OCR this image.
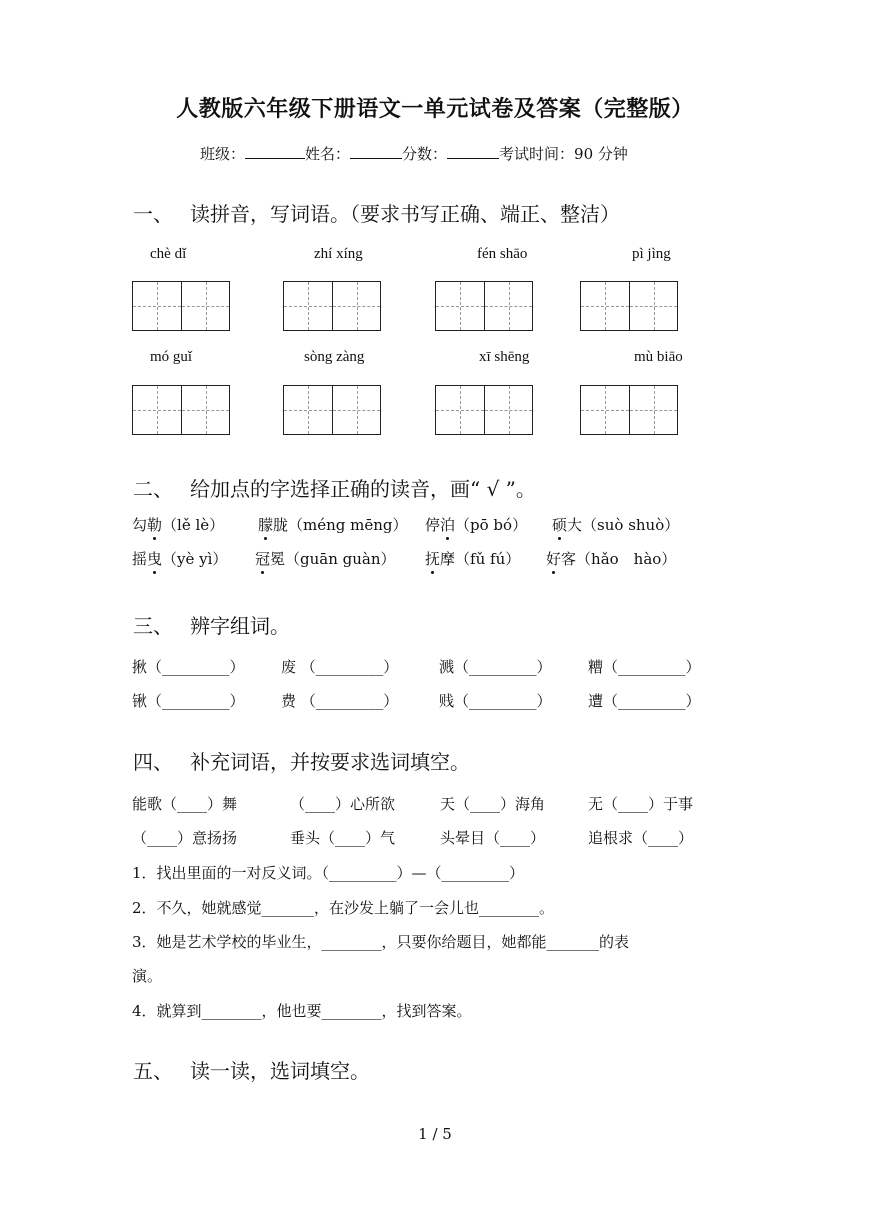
人教版六年级下册语文一单元试卷及答案（完整版）
班级：	姓名：	分数：	考试时间：90 分钟
一、 读拼音，写词语。（要求书写正确、端正、整洁）
chè dǐ	zhí xíng	fén shāo	pì jìng
mó guǐ	sòng zàng	xī shēng	mù biāo
二、 给加点的字选择正确的读音，画“ √ ”。
勾勒（lě lè） 朦胧（méng mēng） 停泊（pō bó） 硕大（suò shuò）
摇曳（yè yì） 冠冕（guān guàn） 抚摩（fǔ fú） 好客（hǎo　hào）
三、 辨字组词。
揪（_________） 废 （_________）	溅（_________） 糟（_________）
锹（_________） 费 （_________）	贱（_________） 遭（_________）
四、 补充词语，并按要求选词填空。
能歌（____）舞	（____）心所欲	天（____）海角	无（____）于事
（____）意扬扬	垂头（____）气	头晕目（____）	追根求（____）
1．找出里面的一对反义词。（_________）—（_________）
2．不久，她就感觉_______，在沙发上躺了一会儿也________。
3．她是艺术学校的毕业生，________，只要你给题目，她都能_______的表
演。
4．就算到________，他也要________，找到答案。
五、 读一读，选词填空。
1 / 5
